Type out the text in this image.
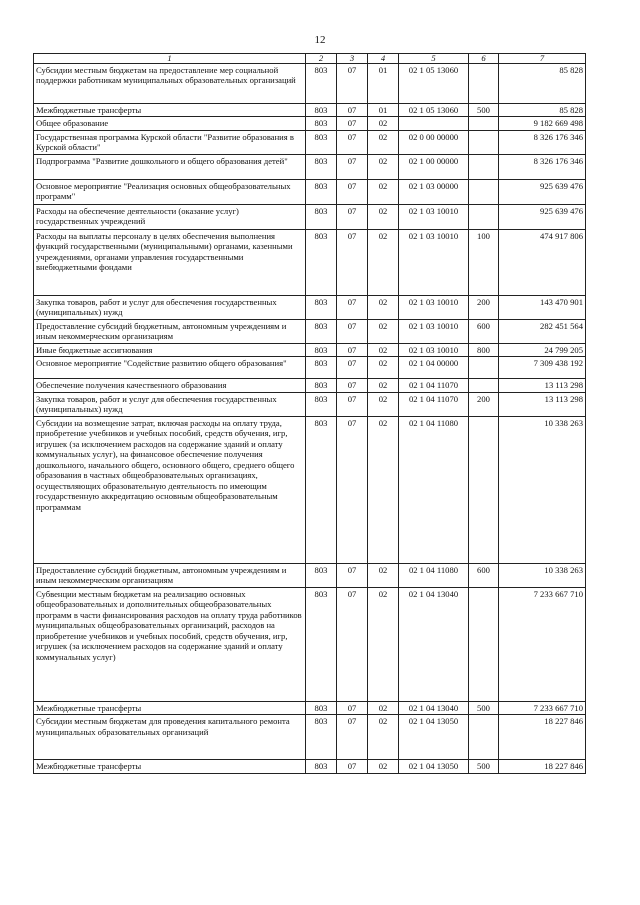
12
1	2	3	4	5	6	7
Субсидии местным бюджетам на предоставление мер социальной поддержки работникам муниципальных образовательных организаций	803	07	01	02 1 05 13060		85 828
Межбюджетные трансферты	803	07	01	02 1 05 13060	500	85 828
Общее образование	803	07	02			9 182 669 498
Государственная программа Курской области "Развитие образования в Курской области"	803	07	02	02 0 00 00000		8 326 176 346
Подпрограмма "Развитие дошкольного и общего образования детей"	803	07	02	02 1 00 00000		8 326 176 346
Основное мероприятие "Реализация основных общеобразовательных программ"	803	07	02	02 1 03 00000		925 639 476
Расходы на обеспечение деятельности (оказание услуг) государственных учреждений	803	07	02	02 1 03 10010		925 639 476
Расходы на выплаты персоналу в целях обеспечения выполнения функций государственными (муниципальными) органами, казенными учреждениями, органами управления государственными внебюджетными фондами	803	07	02	02 1 03 10010	100	474 917 806
Закупка товаров, работ и услуг для обеспечения государственных (муниципальных) нужд	803	07	02	02 1 03 10010	200	143 470 901
Предоставление субсидий бюджетным, автономным учреждениям и иным некоммерческим организациям	803	07	02	02 1 03 10010	600	282 451 564
Иные бюджетные ассигнования	803	07	02	02 1 03 10010	800	24 799 205
Основное мероприятие "Содействие развитию общего образования"	803	07	02	02 1 04 00000		7 309 438 192
Обеспечение получения качественного образования	803	07	02	02 1 04 11070		13 113 298
Закупка товаров, работ и услуг для обеспечения государственных (муниципальных) нужд	803	07	02	02 1 04 11070	200	13 113 298
Субсидии на возмещение затрат, включая расходы на оплату труда, приобретение учебников и учебных пособий, средств обучения, игр, игрушек (за исключением расходов на содержание зданий и оплату коммунальных услуг), на финансовое обеспечение получения дошкольного, начального общего, основного общего, среднего общего образования в частных общеобразовательных организациях, осуществляющих образовательную деятельность по имеющим государственную аккредитацию основным общеобразовательным программам	803	07	02	02 1 04 11080		10 338 263
Предоставление субсидий бюджетным, автономным учреждениям и иным некоммерческим организациям	803	07	02	02 1 04 11080	600	10 338 263
Субвенции местным бюджетам на реализацию основных общеобразовательных и дополнительных общеобразовательных программ в части финансирования расходов на оплату труда работников муниципальных общеобразовательных организаций, расходов на приобретение учебников и учебных пособий, средств обучения, игр, игрушек (за исключением расходов на содержание зданий и оплату коммунальных услуг)	803	07	02	02 1 04 13040		7 233 667 710
Межбюджетные трансферты	803	07	02	02 1 04 13040	500	7 233 667 710
Субсидии местным бюджетам для проведения капитального ремонта муниципальных образовательных организаций	803	07	02	02 1 04 13050		18 227 846
Межбюджетные трансферты	803	07	02	02 1 04 13050	500	18 227 846
